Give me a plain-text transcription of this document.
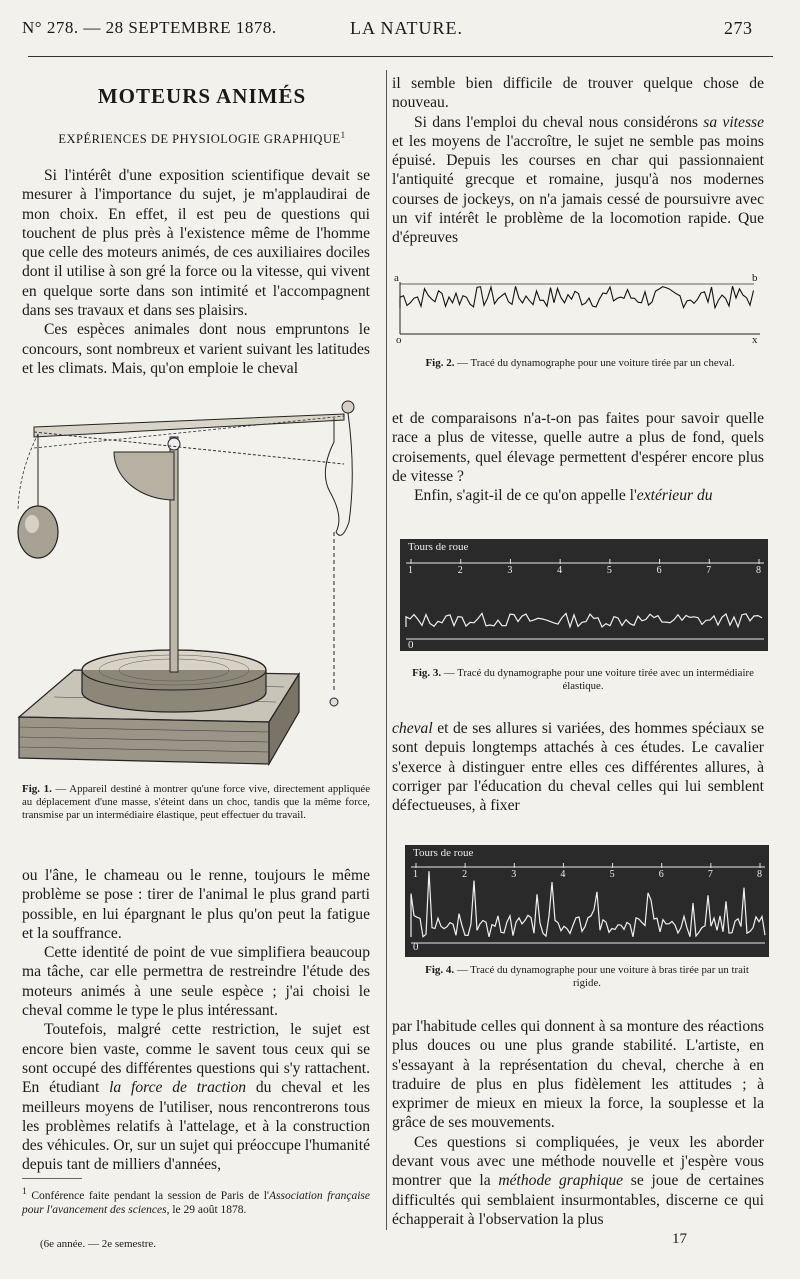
N° 278. — 28 SEPTEMBRE 1878.	LA NATURE.	273
MOTEURS ANIMÉS
EXPÉRIENCES DE PHYSIOLOGIE GRAPHIQUE$^1$

Si l'intérêt d'une exposition scientifique devait se mesurer à l'importance du sujet, je m'applaudirai de mon choix. En effet, il est peu de questions qui touchent de plus près à l'existence même de l'homme que celle des moteurs animés, de ces auxiliaires dociles dont il utilise à son gré la force ou la vitesse, qui vivent en quelque sorte dans son intimité et l'accompagnent dans ses travaux et dans ses plaisirs.

Ces espèces animales dont nous empruntons le concours, sont nombreux et varient suivant les latitudes et les climats. Mais, qu'on emploie le cheval

Fig. 1. — Appareil destiné à montrer qu'une force vive, directement appliquée au déplacement d'une masse, s'éteint dans un choc, tandis que la même force, transmise par un intermédiaire élastique, peut effectuer du travail.

ou l'âne, le chameau ou le renne, toujours le même problème se pose : tirer de l'animal le plus grand parti possible, en lui épargnant le plus qu'on peut la fatigue et la souffrance.

Cette identité de point de vue simplifiera beaucoup ma tâche, car elle permettra de restreindre l'étude des moteurs animés à une seule espèce ; j'ai choisi le cheval comme le type le plus intéressant.

Toutefois, malgré cette restriction, le sujet est encore bien vaste, comme le savent tous ceux qui se sont occupé des différentes questions qui s'y rattachent. En étudiant la force de traction du cheval et les meilleurs moyens de l'utiliser, nous rencontrerons tous les problèmes relatifs à l'attelage, et à la construction des véhicules. Or, sur un sujet qui préoccupe l'humanité depuis tant de milliers d'années,

$^1$ Conférence faite pendant la session de Paris de l'Association française pour l'avancement des sciences, le 29 août 1878.
(6e année. — 2e semestre.

il semble bien difficile de trouver quelque chose de nouveau.

Si dans l'emploi du cheval nous considérons sa vitesse et les moyens de l'accroître, le sujet ne semble pas moins épuisé. Depuis les courses en char qui passionnaient l'antiquité grecque et romaine, jusqu'à nos modernes courses de jockeys, on n'a jamais cessé de poursuivre avec un vif intérêt le problème de la locomotion rapide. Que d'épreuves

a	b
o	x
Fig. 2. — Tracé du dynamographe pour une voiture tirée par un cheval.

et de comparaisons n'a-t-on pas faites pour savoir quelle race a plus de vitesse, quelle autre a plus de fond, quels croisements, quel élevage permettent d'espérer encore plus de vitesse ?

Enfin, s'agit-il de ce qu'on appelle l'extérieur du

1	2	3	4	5	6	7	8
Tours de roue
0
Fig. 3. — Tracé du dynamographe pour une voiture tirée avec un intermédiaire élastique.

cheval et de ses allures si variées, des hommes spéciaux se sont depuis longtemps attachés à ces études. Le cavalier s'exerce à distinguer entre elles ces différentes allures, à corriger par l'éducation du cheval celles qui lui semblent défectueuses, à fixer

1	2	3	4	5	6	7	8
Tours de roue
0
Fig. 4. — Tracé du dynamographe pour une voiture à bras tirée par un trait rigide.

par l'habitude celles qui donnent à sa monture des réactions plus douces ou une plus grande stabilité. L'artiste, en s'essayant à la représentation du cheval, cherche à en traduire de plus en plus fidèlement les attitudes ; à exprimer de mieux en mieux la force, la souplesse et la grâce de ses mouvements.

Ces questions si compliquées, je veux les aborder devant vous avec une méthode nouvelle et j'espère vous montrer que la méthode graphique se joue de certaines difficultés qui semblaient insurmontables, discerne ce qui échapperait à l'observation la plus

17
